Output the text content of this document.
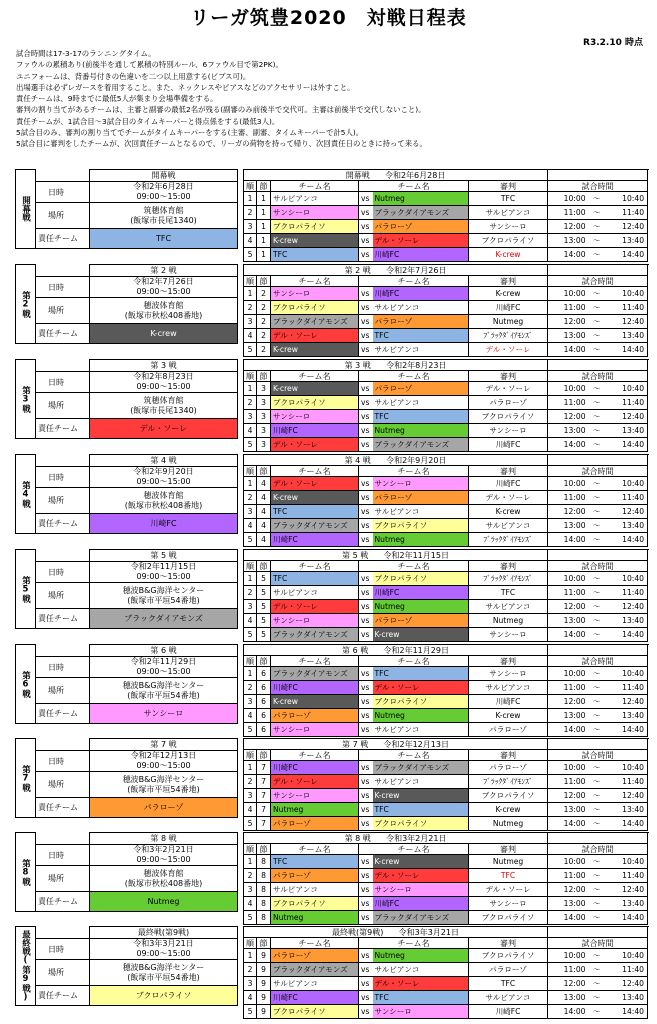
リーガ筑豊2020　対戦日程表
R3.2.10 時点
試合時間は17-3-17のランニングタイム。
ファウルの累積あり(前後半を通して累積の特別ルール、6ファウル目で第2PK)。
ユニフォームは、背番号付きの色違いを二つ以上用意する(ビブス可)。
出場選手は必ずレガースを着用すること。また、ネックレスやピアスなどのアクセサリーは外すこと。
責任チームは、9時までに最低5人が集まり会場準備をする。
審判の割り当てがあるチームは、主審と副審の最低2名が残る(副審のみ前後半で交代可。主審は前後半で交代しないこと)。
責任チームが、1試合目～3試合目のタイムキーパーと得点係をする(最低3人)。
5試合目のみ、審判の割り当てでチームがタイムキーパーをする(主審、副審、タイムキーパーで計5人)。
5試合目に審判をしたチームが、次回責任チームとなるので、リーガの荷物を持って帰り、次回責任日のときに持って来る。
開幕戦		開幕戦
	日時	令和2年6月28日
09:00～15:00

	場所	筑穂体育館
(飯塚市長尾1340)

	責任チーム	TFC
開幕戦 令和2年6月28日								
順	節	チーム名	チーム名		審判	試合時間		
1	1	サルビアンコ	vs	Nutmeg	TFC	10:00	～	10:40
2	1	サンシーロ	vs	ブラックダイアモンズ	サルビアンコ	11:00	～	11:40
3	1	ブクロパライソ	vs	パラローゾ	サンシーロ	12:00	～	12:40
4	1	K-crew	vs	デル・ソーレ	ブクロパライソ	13:00	～	13:40
5	1	TFC	vs	川崎FC	K-crew	14:00	～	14:40
第2戦		第 2 戦
	日時	令和2年7月26日
09:00～15:00

	場所	穂波体育館
(飯塚市秋松408番地)

	責任チーム	K-crew
第 2 戦 令和2年7月26日								
順	節	チーム名	チーム名		審判	試合時間		
1	2	サンシーロ	vs	川崎FC	K-crew	10:00	～	10:40
2	2	ブクロパライソ	vs	サルビアンコ	川崎FC	11:00	～	11:40
3	2	ブラックダイアモンズ	vs	パラローゾ	Nutmeg	12:00	～	12:40
4	2	デル・ソーレ	vs	TFC	ﾌﾞﾗｯｸﾀﾞｲｱﾓﾝｽﾞ	13:00	～	13:40
5	2	K-crew	vs	サルビアンコ	デル・ソーレ	14:00	～	14:40
第3戦		第 3 戦
	日時	令和2年8月23日
09:00～15:00

	場所	筑穂体育館
(飯塚市長尾1340)

	責任チーム	デル・ソーレ
第 3 戦 令和2年8月23日								
順	節	チーム名	チーム名		審判	試合時間		
1	3	K-crew	vs	パラローゾ	デル・ソーレ	10:00	～	10:40
2	3	ブクロパライソ	vs	サルビアンコ	パラローゾ	11:00	～	11:40
3	3	サンシーロ	vs	TFC	ブクロパライソ	12:00	～	12:40
4	3	川崎FC	vs	Nutmeg	サンシーロ	13:00	～	13:40
5	3	デル・ソーレ	vs	ブラックダイアモンズ	川崎FC	14:00	～	14:40
第4戦		第 4 戦
	日時	令和2年9月20日
09:00～15:00

	場所	穂波体育館
(飯塚市秋松408番地)

	責任チーム	川崎FC
第 4 戦 令和2年9月20日								
順	節	チーム名	チーム名		審判	試合時間		
1	4	デル・ソーレ	vs	サンシーロ	川崎FC	10:00	～	10:40
2	4	K-crew	vs	パラローゾ	デル・ソーレ	11:00	～	11:40
3	4	TFC	vs	サルビアンコ	K-crew	12:00	～	12:40
4	4	ブラックダイアモンズ	vs	ブクロパライソ	サルビアンコ	13:00	～	13:40
5	4	川崎FC	vs	Nutmeg	ﾌﾞﾗｯｸﾀﾞｲｱﾓﾝｽﾞ	14:00	～	14:40
第5戦		第 5 戦
	日時	令和2年11月15日
09:00～15:00

	場所	穂波B&G海洋センター
(飯塚市平垣54番地)

	責任チーム	ブラックダイアモンズ
第 5 戦 令和2年11月15日								
順	節	チーム名	チーム名		審判	試合時間		
1	5	TFC	vs	ブクロパライソ	ﾌﾞﾗｯｸﾀﾞｲｱﾓﾝｽﾞ	10:00	～	10:40
2	5	サルビアンコ	vs	川崎FC	TFC	11:00	～	11:40
3	5	デル・ソーレ	vs	Nutmeg	サルビアンコ	12:00	～	12:40
4	5	サンシーロ	vs	パラローゾ	Nutmeg	13:00	～	13:40
5	5	ブラックダイアモンズ	vs	K-crew	サンシーロ	14:00	～	14:40
第6戦		第 6 戦
	日時	令和2年11月29日
09:00～15:00

	場所	穂波B&G海洋センター
(飯塚市平垣54番地)

	責任チーム	サンシーロ
第 6 戦 令和2年11月29日								
順	節	チーム名	チーム名		審判	試合時間		
1	6	ブラックダイアモンズ	vs	TFC	サンシーロ	10:00	～	10:40
2	6	川崎FC	vs	デル・ソーレ	サルビアンコ	11:00	～	11:40
3	6	K-crew	vs	ブクロパライソ	川崎FC	12:00	～	12:40
4	6	パラローゾ	vs	Nutmeg	K-crew	13:00	～	13:40
5	6	サンシーロ	vs	サルビアンコ	パラローゾ	14:00	～	14:40
第7戦		第 7 戦
	日時	令和2年12月13日
09:00～15:00

	場所	穂波B&G海洋センター
(飯塚市平垣54番地)

	責任チーム	パラローゾ
第 7 戦 令和2年12月13日								
順	節	チーム名	チーム名		審判	試合時間		
1	7	川崎FC	vs	ブラックダイアモンズ	パラローゾ	10:00	～	10:40
2	7	デル・ソーレ	vs	サルビアンコ	ﾌﾞﾗｯｸﾀﾞｲｱﾓﾝｽﾞ	11:00	～	11:40
3	7	サンシーロ	vs	K-crew	ブクロパライソ	12:00	～	12:40
4	7	Nutmeg	vs	TFC	K-crew	13:00	～	13:40
5	7	パラローゾ	vs	ブクロパライソ	Nutmeg	14:00	～	14:40
第8戦		第 8 戦
	日時	令和3年2月21日
09:00～15:00

	場所	穂波体育館
(飯塚市秋松408番地)

	責任チーム	Nutmeg
第 8 戦 令和3年2月21日								
順	節	チーム名	チーム名		審判	試合時間		
1	8	TFC	vs	K-crew	Nutmeg	10:00	～	10:40
2	8	パラローゾ	vs	デル・ソーレ	TFC	11:00	～	11:40
3	8	サルビアンコ	vs	サンシーロ	デル・ソーレ	12:00	～	12:40
4	8	ブクロパライソ	vs	川崎FC	サンシーロ	13:00	～	13:40
5	8	Nutmeg	vs	ブラックダイアモンズ	ブクロパライソ	14:00	～	14:40
最終戦(第9戦)		最終戦(第9戦)
	日時	令和3年3月21日
09:00～15:00

	場所	穂波B&G海洋センター
(飯塚市平垣54番地)

	責任チーム	ブクロパライソ
最終戦(第9戦) 令和3年3月21日								
順	節	チーム名	チーム名		審判	試合時間		
1	9	パラローゾ	vs	Nutmeg	ブクロパライソ	10:00	～	10:40
2	9	ブラックダイアモンズ	vs	サルビアンコ	パラローゾ	11:00	～	11:40
3	9	サルビアンコ	vs	デル・ソーレ	TFC	12:00	～	12:40
4	9	川崎FC	vs	TFC	サルビアンコ	13:00	～	13:40
5	9	ブクロパライソ	vs	サンシーロ	川崎FC	14:00	～	14:40
